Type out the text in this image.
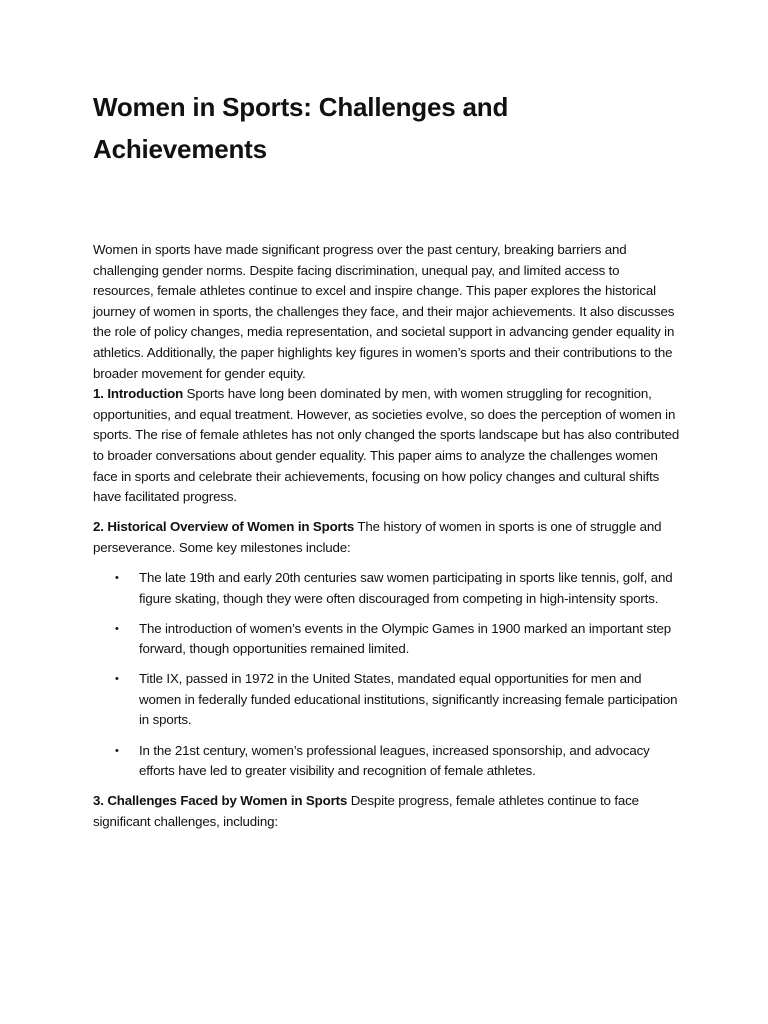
Women in Sports: Challenges and Achievements

Women in sports have made significant progress over the past century, breaking barriers and challenging gender norms. Despite facing discrimination, unequal pay, and limited access to resources, female athletes continue to excel and inspire change. This paper explores the historical journey of women in sports, the challenges they face, and their major achievements. It also discusses the role of policy changes, media representation, and societal support in advancing gender equality in athletics. Additionally, the paper highlights key figures in women’s sports and their contributions to the broader movement for gender equity.

1. Introduction Sports have long been dominated by men, with women struggling for recognition, opportunities, and equal treatment. However, as societies evolve, so does the perception of women in sports. The rise of female athletes has not only changed the sports landscape but has also contributed to broader conversations about gender equality. This paper aims to analyze the challenges women face in sports and celebrate their achievements, focusing on how policy changes and cultural shifts have facilitated progress.

2. Historical Overview of Women in Sports The history of women in sports is one of struggle and perseverance. Some key milestones include:

• The late 19th and early 20th centuries saw women participating in sports like tennis, golf, and figure skating, though they were often discouraged from competing in high-intensity sports.
• The introduction of women’s events in the Olympic Games in 1900 marked an important step forward, though opportunities remained limited.
• Title IX, passed in 1972 in the United States, mandated equal opportunities for men and women in federally funded educational institutions, significantly increasing female participation in sports.
• In the 21st century, women’s professional leagues, increased sponsorship, and advocacy efforts have led to greater visibility and recognition of female athletes.

3. Challenges Faced by Women in Sports Despite progress, female athletes continue to face significant challenges, including:
